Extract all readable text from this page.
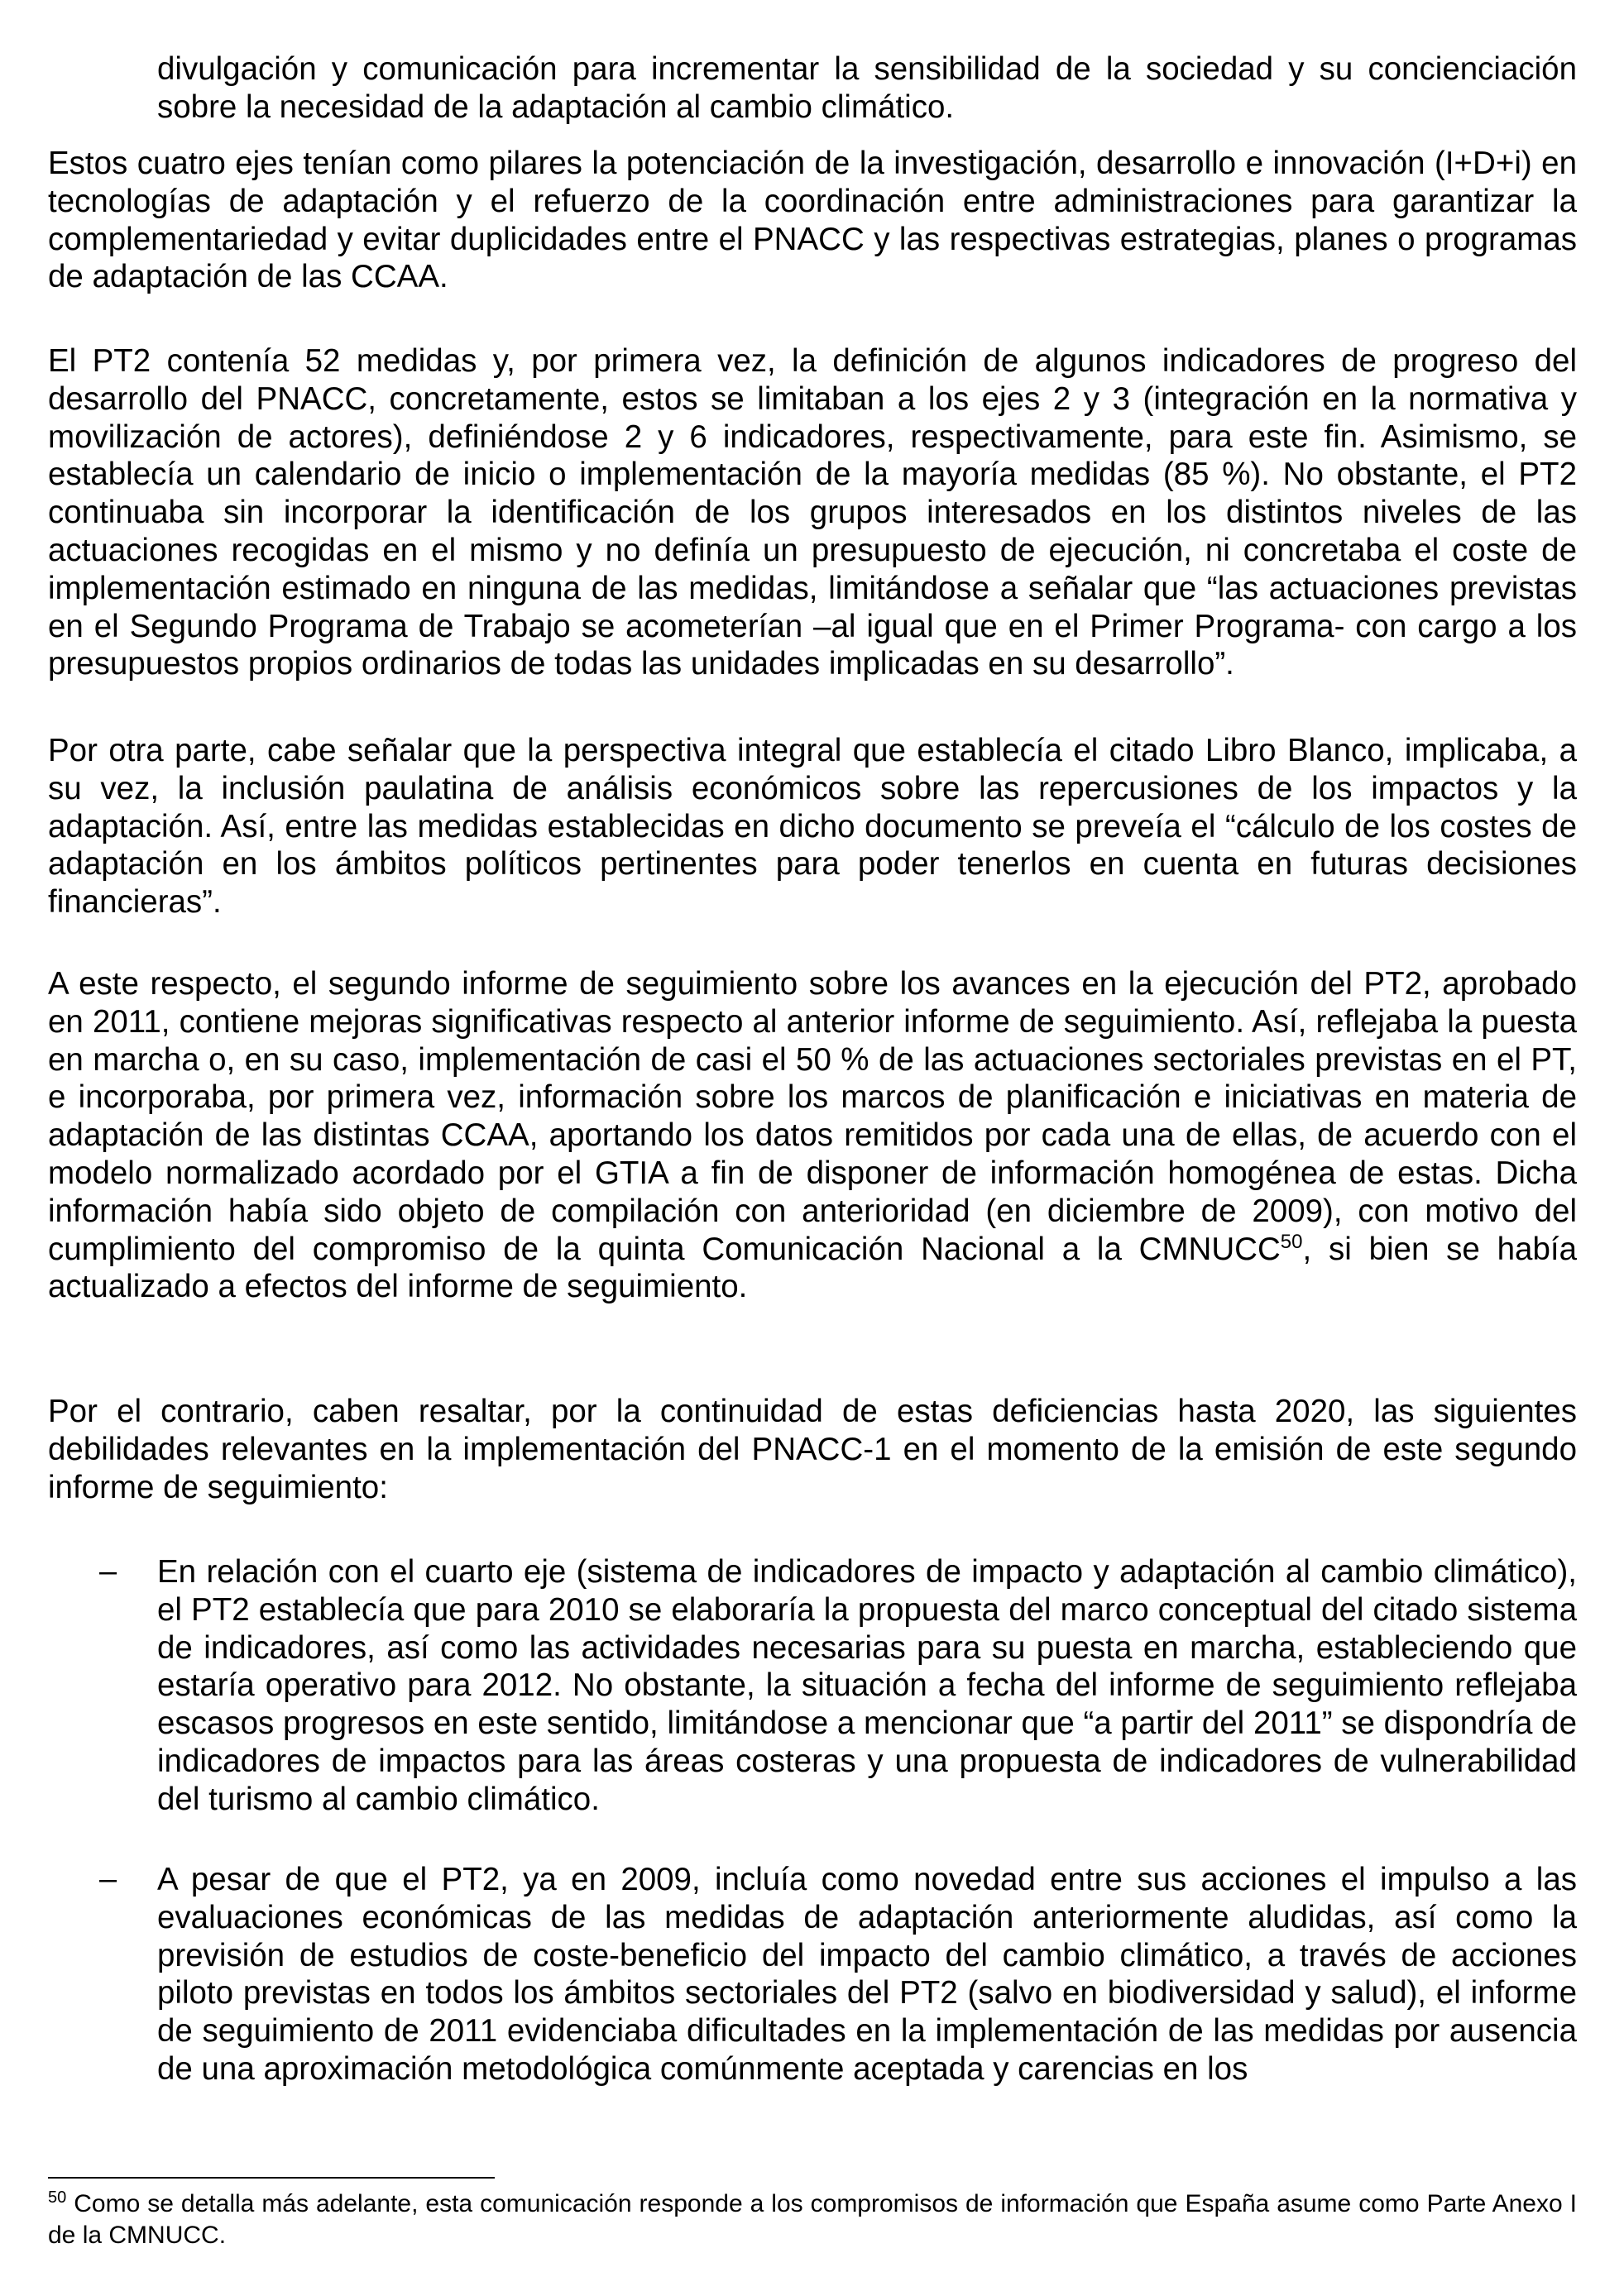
divulgación y comunicación para incrementar la sensibilidad de la sociedad y su concienciación sobre la necesidad de la adaptación al cambio climático.

Estos cuatro ejes tenían como pilares la potenciación de la investigación, desarrollo e innovación (I+D+i) en tecnologías de adaptación y el refuerzo de la coordinación entre administraciones para garantizar la complementariedad y evitar duplicidades entre el PNACC y las respectivas estrategias, planes o programas de adaptación de las CCAA.

El PT2 contenía 52 medidas y, por primera vez, la definición de algunos indicadores de progreso del desarrollo del PNACC, concretamente, estos se limitaban a los ejes 2 y 3 (integración en la normativa y movilización de actores), definiéndose 2 y 6 indicadores, respectivamente, para este fin. Asimismo, se establecía un calendario de inicio o implementación de la mayoría medidas (85 %). No obstante, el PT2 continuaba sin incorporar la identificación de los grupos interesados en los distintos niveles de las actuaciones recogidas en el mismo y no definía un presupuesto de ejecución, ni concretaba el coste de implementación estimado en ninguna de las medidas, limitándose a señalar que “las actuaciones previstas en el Segundo Programa de Trabajo se acometerían –al igual que en el Primer Programa- con cargo a los presupuestos propios ordinarios de todas las unidades implicadas en su desarrollo”.

Por otra parte, cabe señalar que la perspectiva integral que establecía el citado Libro Blanco, implicaba, a su vez, la inclusión paulatina de análisis económicos sobre las repercusiones de los impactos y la adaptación. Así, entre las medidas establecidas en dicho documento se preveía el “cálculo de los costes de adaptación en los ámbitos políticos pertinentes para poder tenerlos en cuenta en futuras decisiones financieras”.

A este respecto, el segundo informe de seguimiento sobre los avances en la ejecución del PT2, aprobado en 2011, contiene mejoras significativas respecto al anterior informe de seguimiento. Así, reflejaba la puesta en marcha o, en su caso, implementación de casi el 50 % de las actuaciones sectoriales previstas en el PT, e incorporaba, por primera vez, información sobre los marcos de planificación e iniciativas en materia de adaptación de las distintas CCAA, aportando los datos remitidos por cada una de ellas, de acuerdo con el modelo normalizado acordado por el GTIA a fin de disponer de información homogénea de estas. Dicha información había sido objeto de compilación con anterioridad (en diciembre de 2009), con motivo del cumplimiento del compromiso de la quinta Comunicación Nacional a la CMNUCC$^{50}$, si bien se había actualizado a efectos del informe de seguimiento.

Por el contrario, caben resaltar, por la continuidad de estas deficiencias hasta 2020, las siguientes debilidades relevantes en la implementación del PNACC-1 en el momento de la emisión de este segundo informe de seguimiento:

– En relación con el cuarto eje (sistema de indicadores de impacto y adaptación al cambio climático), el PT2 establecía que para 2010 se elaboraría la propuesta del marco conceptual del citado sistema de indicadores, así como las actividades necesarias para su puesta en marcha, estableciendo que estaría operativo para 2012. No obstante, la situación a fecha del informe de seguimiento reflejaba escasos progresos en este sentido, limitándose a mencionar que “a partir del 2011” se dispondría de indicadores de impactos para las áreas costeras y una propuesta de indicadores de vulnerabilidad del turismo al cambio climático.

– A pesar de que el PT2, ya en 2009, incluía como novedad entre sus acciones el impulso a las evaluaciones económicas de las medidas de adaptación anteriormente aludidas, así como la previsión de estudios de coste-beneficio del impacto del cambio climático, a través de acciones piloto previstas en todos los ámbitos sectoriales del PT2 (salvo en biodiversidad y salud), el informe de seguimiento de 2011 evidenciaba dificultades en la implementación de las medidas por ausencia de una aproximación metodológica comúnmente aceptada y carencias en los

$^{50}$ Como se detalla más adelante, esta comunicación responde a los compromisos de información que España asume como Parte Anexo I de la CMNUCC.
